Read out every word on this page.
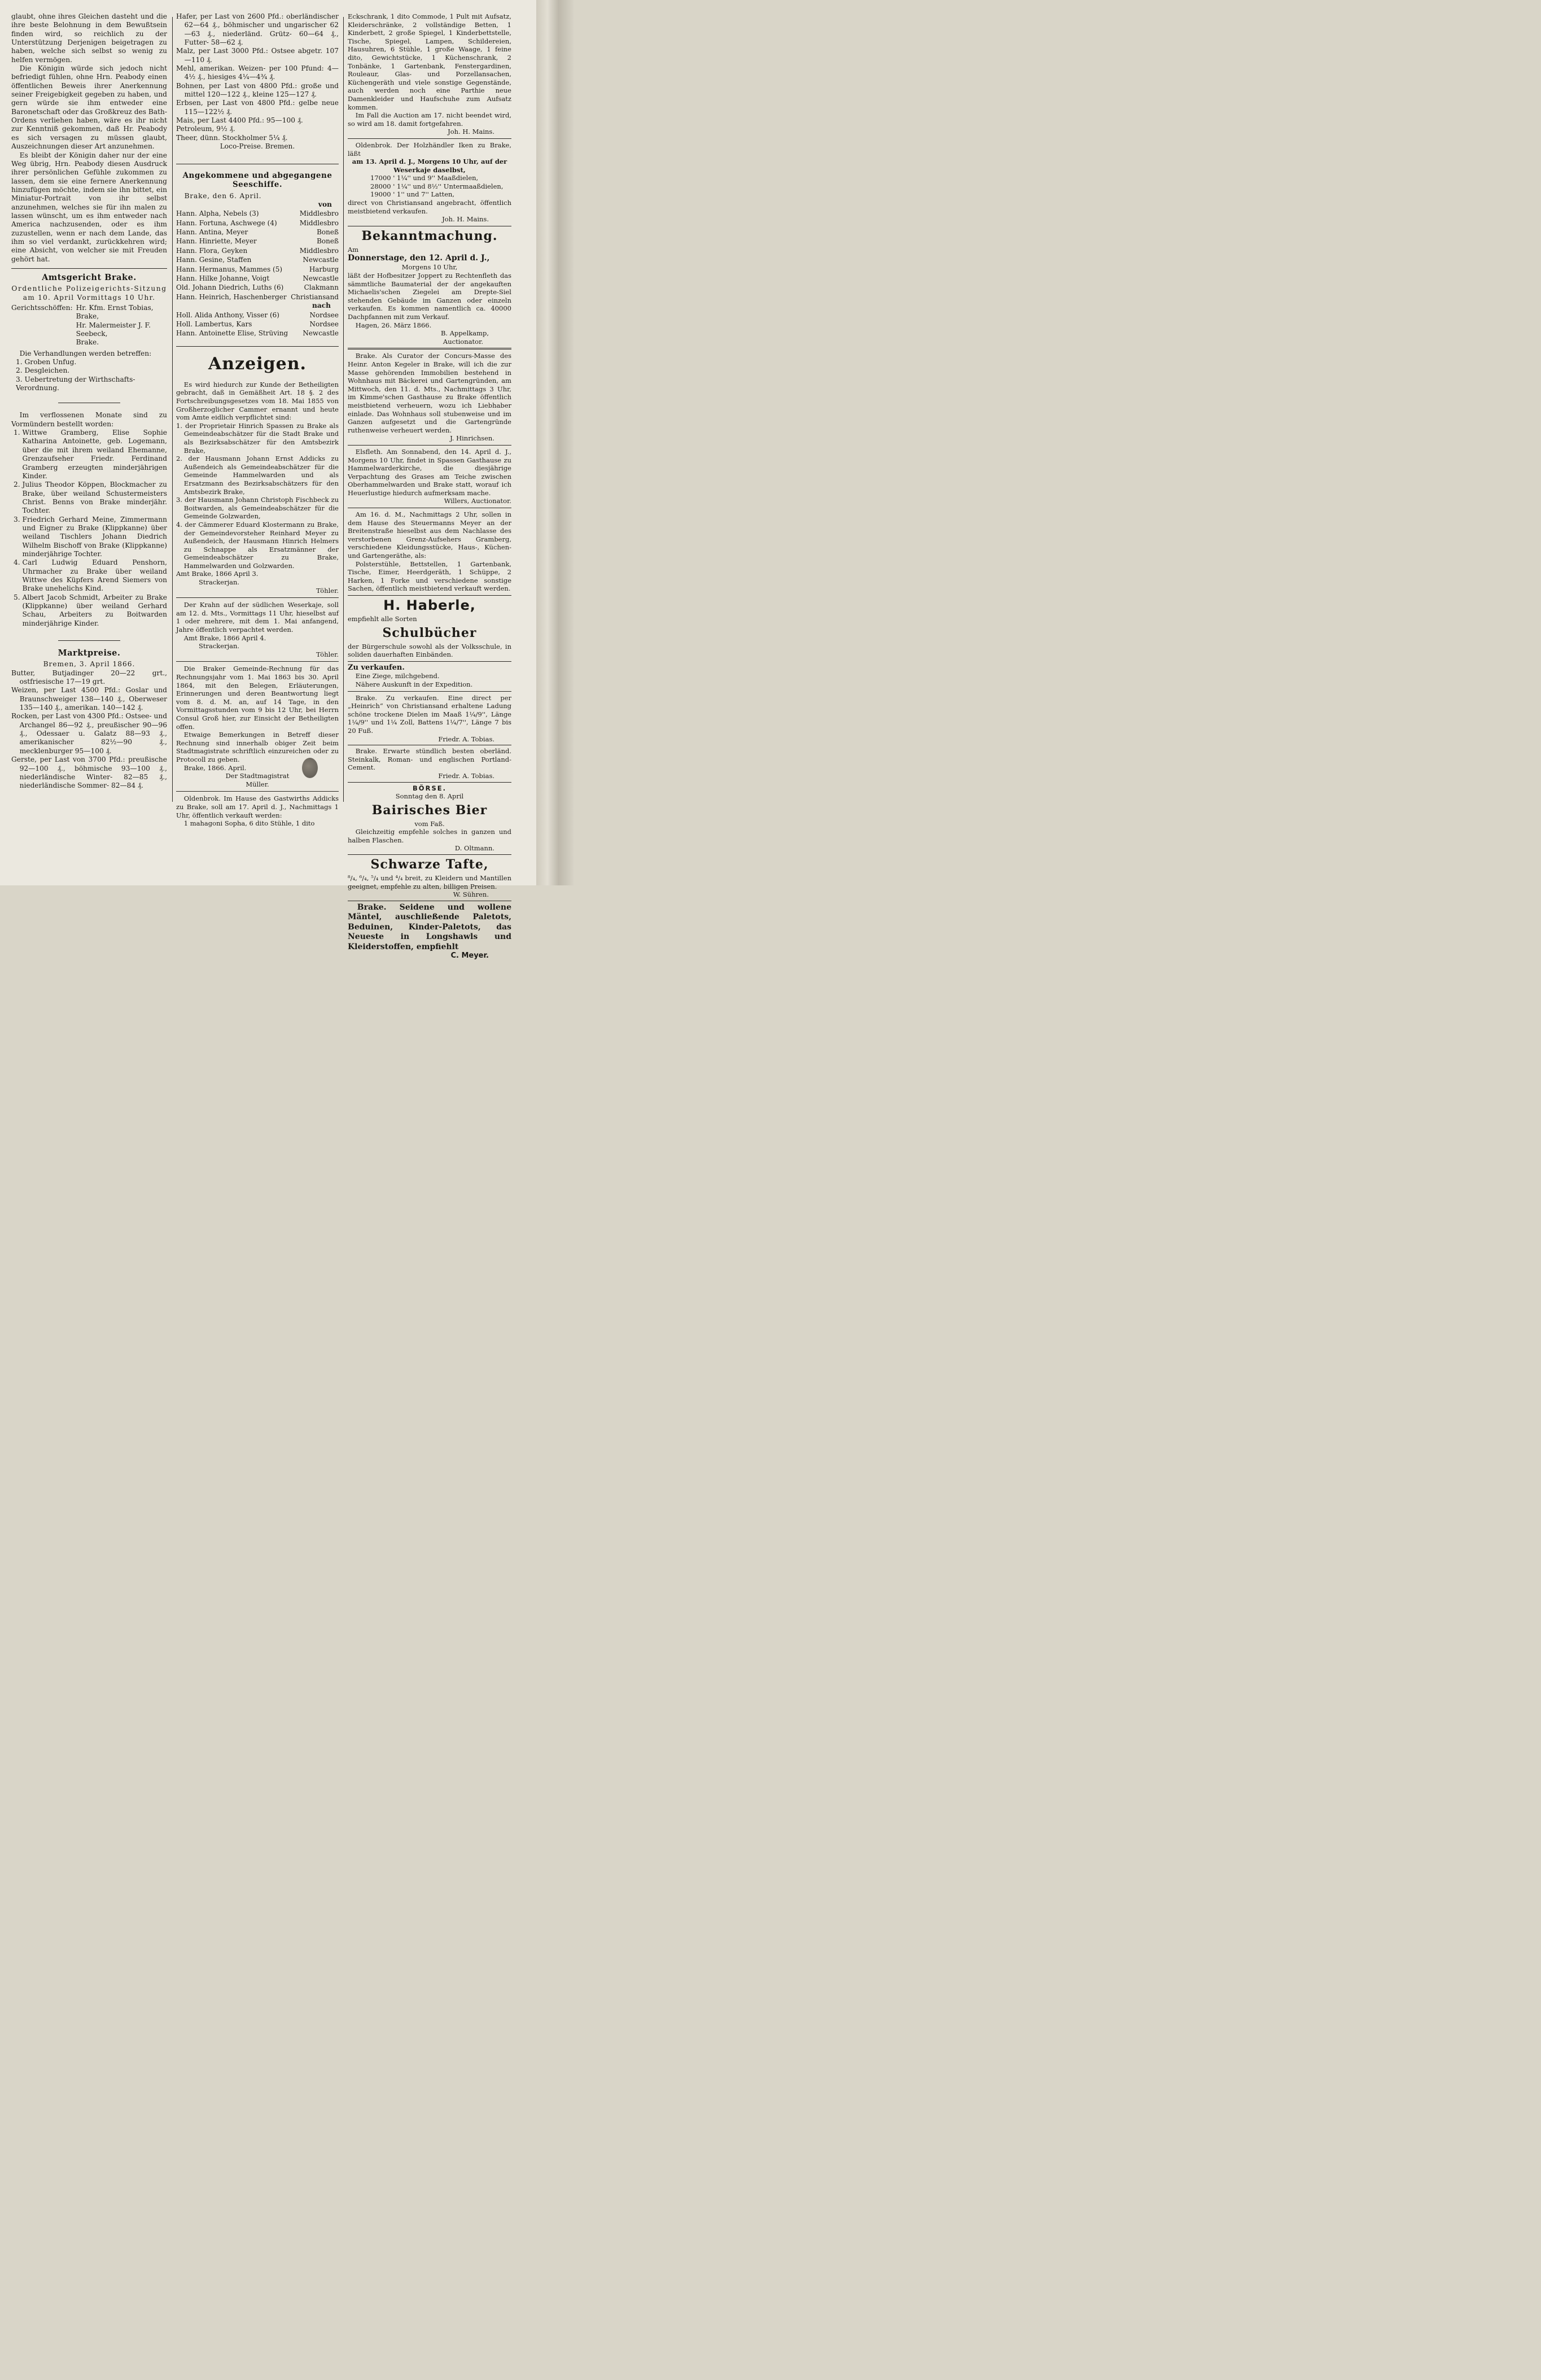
glaubt, ohne ihres Gleichen dasteht und die ihre beste Belohnung in dem Bewußtsein finden wird, so reichlich zu der Unterstützung Derjenigen beigetragen zu haben, welche sich selbst so wenig zu helfen vermögen.

Die Königin würde sich jedoch nicht befriedigt fühlen, ohne Hrn. Peabody einen öffentlichen Beweis ihrer Anerkennung seiner Freigebigkeit gegeben zu haben, und gern würde sie ihm entweder eine Baronetschaft oder das Großkreuz des Bath-Ordens verliehen haben, wäre es ihr nicht zur Kenntniß gekommen, daß Hr. Peabody es sich versagen zu müssen glaubt, Auszeichnungen dieser Art anzunehmen.

Es bleibt der Königin daher nur der eine Weg übrig, Hrn. Peabody diesen Ausdruck ihrer persönlichen Gefühle zukommen zu lassen, dem sie eine fernere Anerkennung hinzufügen möchte, indem sie ihn bittet, ein Miniatur-Portrait von ihr selbst anzunehmen, welches sie für ihn malen zu lassen wünscht, um es ihm entweder nach America nachzusenden, oder es ihm zuzustellen, wenn er nach dem Lande, das ihm so viel verdankt, zurückkehren wird; eine Absicht, von welcher sie mit Freuden gehört hat.

Amtsgericht Brake.

Ordentliche Polizeigerichts-Sitzung

am 10. April Vormittags 10 Uhr.

Gerichtsschöffen: Hr. Kfm. Ernst Tobias, Brake,
Hr. Malermeister J. F. Seebeck,
Brake.

Die Verhandlungen werden betreffen:

1. Groben Unfug.
2. Desgleichen.
3. Uebertretung der Wirthschafts-Verordnung.

Im verflossenen Monate sind zu Vormündern bestellt worden:

1. Wittwe Gramberg, Elise Sophie Katharina Antoinette, geb. Logemann, über die mit ihrem weiland Ehemanne, Grenzaufseher Friedr. Ferdinand Gramberg erzeugten minderjährigen Kinder.
2. Julius Theodor Köppen, Blockmacher zu Brake, über weiland Schustermeisters Christ. Benns von Brake minderjähr. Tochter.
3. Friedrich Gerhard Meine, Zimmermann und Eigner zu Brake (Klippkanne) über weiland Tischlers Johann Diedrich Wilhelm Bischoff von Brake (Klippkanne) minderjährige Tochter.
4. Carl Ludwig Eduard Penshorn, Uhrmacher zu Brake über weiland Wittwe des Küpfers Arend Siemers von Brake unehelichs Kind.
5. Albert Jacob Schmidt, Arbeiter zu Brake (Klippkanne) über weiland Gerhard Schau, Arbeiters zu Boitwarden minderjährige Kinder.
Marktpreise.

Bremen, 3. April 1866.

Butter, Butjadinger 20—22 grt., ostfriesische 17—19 grt.

Weizen, per Last 4500 Pfd.: Goslar und Braunschweiger 138—140 ₰., Oberweser 135—140 ₰., amerikan. 140—142 ₰.

Rocken, per Last von 4300 Pfd.: Ostsee- und Archangel 86—92 ₰., preußischer 90—96 ₰., Odessaer u. Galatz 88—93 ₰., amerikanischer 82½—90 ₰., mecklenburger 95—100 ₰.

Gerste, per Last von 3700 Pfd.: preußische 92—100 ₰., böhmische 93—100 ₰., niederländische Winter- 82—85 ₰., niederländische Sommer- 82—84 ₰.

Hafer, per Last von 2600 Pfd.: oberländischer 62—64 ₰., böhmischer und ungarischer 62—63 ₰., niederländ. Grütz- 60—64 ₰., Futter- 58—62 ₰.

Malz, per Last 3000 Pfd.: Ostsee abgetr. 107—110 ₰.

Mehl, amerikan. Weizen- per 100 Pfund: 4—4½ ₰., hiesiges 4¼—4¾ ₰.

Bohnen, per Last von 4800 Pfd.: große und mittel 120—122 ₰., kleine 125—127 ₰.

Erbsen, per Last von 4800 Pfd.: gelbe neue 115—122½ ₰.

Mais, per Last 4400 Pfd.: 95—100 ₰.

Petroleum, 9½ ₰.

Theer, dünn. Stockholmer 5¼ ₰.

Loco-Preise. Bremen.

Angekommene und abgegangene Seeschiffe.

Brake, den 6. April.

von

Hann. Alpha, Nebels (3)	Middlesbro
Hann. Fortuna, Aschwege (4)	Middlesbro
Hann. Antina, Meyer	Boneß
Hann. Hinriette, Meyer	Boneß
Hann. Flora, Geyken	Middlesbro
Hann. Gesine, Staffen	Newcastle
Hann. Hermanus, Mammes (5)	Harburg
Hann. Hilke Johanne, Voigt	Newcastle
Old. Johann Diedrich, Luths (6)	Clakmann
Hann. Heinrich, Haschenberger Christiansand

nach

Holl. Alida Anthony, Visser (6)	Nordsee
Holl. Lambertus, Kars	Nordsee
Hann. Antoinette Elise, Strüving Newcastle
Anzeigen.

Es wird hiedurch zur Kunde der Betheiligten gebracht, daß in Gemäßheit Art. 18 §. 2 des Fortschreibungsgesetzes vom 18. Mai 1855 von Großherzoglicher Cammer ernannt und heute vom Amte eidlich verpflichtet sind:

1. der Proprietair Hinrich Spassen zu Brake als Gemeindeabschätzer für die Stadt Brake und als Bezirksabschätzer für den Amtsbezirk Brake,

2. der Hausmann Johann Ernst Addicks zu Außendeich als Gemeindeabschätzer für die Gemeinde Hammelwarden und als Ersatzmann des Bezirksabschätzers für den Amtsbezirk Brake,

3. der Hausmann Johann Christoph Fischbeck zu Boitwarden, als Gemeindeabschätzer für die Gemeinde Golzwarden,

4. der Cämmerer Eduard Klostermann zu Brake, der Gemeindevorsteher Reinhard Meyer zu Außendeich, der Hausmann Hinrich Helmers zu Schnappe als Ersatzmänner der Gemeindeabschätzer zu Brake, Hammelwarden und Golzwarden.

Amt Brake, 1866 April 3.

Strackerjan.
Töhler.

Der Krahn auf der südlichen Weserkaje, soll am 12. d. Mts., Vormittags 11 Uhr, hieselbst auf 1 oder mehrere, mit dem 1. Mai anfangend, Jahre öffentlich verpachtet werden.

Amt Brake, 1866 April 4.

Strackerjan.
Töhler.

Die Braker Gemeinde-Rechnung für das Rechnungsjahr vom 1. Mai 1863 bis 30. April 1864, mit den Belegen, Erläuterungen, Erinnerungen und deren Beantwortung liegt vom 8. d. M. an, auf 14 Tage, in den Vormittagsstunden vom 9 bis 12 Uhr, bei Herrn Consul Groß hier, zur Einsicht der Betheiligten offen.

Etwaige Bemerkungen in Betreff dieser Rechnung sind innerhalb obiger Zeit beim Stadtmagistrate schriftlich einzureichen oder zu Protocoll zu geben.

Brake, 1866. April.

Der Stadtmagistrat

Müller.

Oldenbrok. Im Hause des Gastwirths Addicks zu Brake, soll am 17. April d. J., Nachmittags 1 Uhr, öffentlich verkauft werden:

1 mahagoni Sopha, 6 dito Stühle, 1 dito

Eckschrank, 1 dito Commode, 1 Pult mit Aufsatz, Kleiderschränke, 2 vollständige Betten, 1 Kinderbett, 2 große Spiegel, 1 Kinderbettstelle, Tische, Spiegel, Lampen, Schildereien, Hausuhren, 6 Stühle, 1 große Waage, 1 feine dito, Gewichtstücke, 1 Küchenschrank, 2 Tonbänke, 1 Gartenbank, Fenstergardinen, Rouleaur, Glas- und Porzellansachen, Küchengeräth und viele sonstige Gegenstände, auch werden noch eine Parthie neue Damenkleider und Haufschuhe zum Aufsatz kommen.

Im Fall die Auction am 17. nicht beendet wird, so wird am 18. damit fortgefahren.

Joh. H. Mains.

Oldenbrok. Der Holzhändler Iken zu Brake, läßt

am 13. April d. J., Morgens 10 Uhr, auf der Weserkaje daselbst,

17000 ' 1¼'' und 9'' Maaßdielen,
28000 ' 1¼'' und 8½'' Untermaaßdielen,
19000 ' 1'' und 7'' Latten,

direct von Christiansand angebracht, öffentlich meistbietend verkaufen.

Joh. H. Mains.

Bekanntmachung.

Am

Donnerstage, den 12. April d. J.,

Morgens 10 Uhr,

läßt der Hofbesitzer Joppert zu Rechtenfleth das sämmtliche Baumaterial der der angekauften Michaelis'schen Ziegelei am Drepte-Siel stehenden Gebäude im Ganzen oder einzeln verkaufen. Es kommen namentlich ca. 40000 Dachpfannen mit zum Verkauf.

Hagen, 26. März 1866.

B. Appelkamp,

Auctionator.

Brake. Als Curator der Concurs-Masse des Heinr. Anton Kegeler in Brake, will ich die zur Masse gehörenden Immobilien bestehend in Wohnhaus mit Bäckerei und Gartengründen, am Mittwoch, den 11. d. Mts., Nachmittags 3 Uhr, im Kimme'schen Gasthause zu Brake öffentlich meistbietend verheuern, wozu ich Liebhaber einlade. Das Wohnhaus soll stubenweise und im Ganzen aufgesetzt und die Gartengründe ruthenweise verheuert werden.

J. Hinrichsen.

Elsfleth. Am Sonnabend, den 14. April d. J., Morgens 10 Uhr, findet in Spassen Gasthause zu Hammelwarderkirche, die diesjährige Verpachtung des Grases am Teiche zwischen Oberhammelwarden und Brake statt, worauf ich Heuerlustige hiedurch aufmerksam mache.

Willers, Auctionator.

Am 16. d. M., Nachmittags 2 Uhr, sollen in dem Hause des Steuermanns Meyer an der Breitenstraße hieselbst aus dem Nachlasse des verstorbenen Grenz-Aufsehers Gramberg, verschiedene Kleidungsstücke, Haus-, Küchen- und Gartengeräthe, als:

Polsterstühle, Bettstellen, 1 Gartenbank, Tische, Eimer, Heerdgeräth, 1 Schüppe, 2 Harken, 1 Forke und verschiedene sonstige Sachen, öffentlich meistbietend verkauft werden.

H. Haberle,

empfiehlt alle Sorten

Schulbücher

der Bürgerschule sowohl als der Volksschule, in soliden dauerhaften Einbänden.

Zu verkaufen.

Eine Ziege, milchgebend.

Nähere Auskunft in der Expedition.

Brake. Zu verkaufen. Eine direct per „Heinrich“ von Christiansand erhaltene Ladung schöne trockene Dielen im Maaß 1¼/9'', Länge 1¼/9'' und 1¼ Zoll, Battens 1¼/7'', Länge 7 bis 20 Fuß.

Friedr. A. Tobias.

Brake. Erwarte stündlich besten oberländ. Steinkalk, Roman- und englischen Portland-Cement.

Friedr. A. Tobias.

BÖRSE.

Sonntag den 8. April

Bairisches Bier

vom Faß.

Gleichzeitig empfehle solches in ganzen und halben Flaschen.

D. Oltmann.

Schwarze Tafte,

⁸/₄, ⁶/₄, ⁵/₄ und ⁴/₄ breit, zu Kleidern und Mantillen geeignet, empfehle zu alten, billigen Preisen.

W. Sühren.

Brake. Seidene und wollene Mäntel, auschließende Paletots, Beduinen, Kinder-Paletots, das Neueste in Longshawls und Kleiderstoffen, empfiehlt

C. Meyer.
